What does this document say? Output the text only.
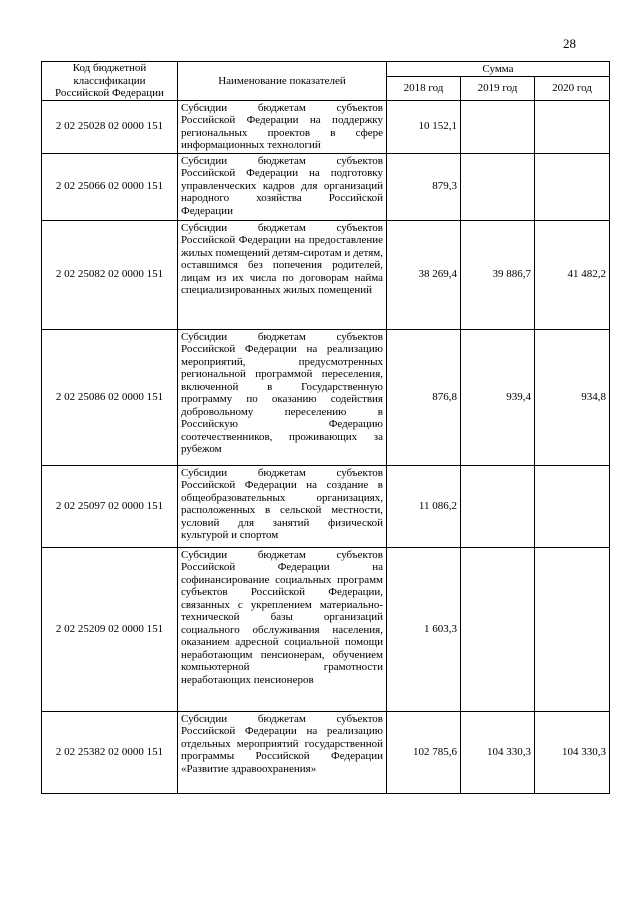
28
Код бюджетной классификации Российской Федерации	Наименование показателей	Сумма		
		2018 год	2019 год	2020 год
2 02 25028 02 0000 151	Субсидии бюджетам субъектов Российской Федерации на поддержку региональных проектов в сфере информационных технологий	10 152,1		
2 02 25066 02 0000 151	Субсидии бюджетам субъектов Российской Федерации на подготовку управленческих кадров для организаций народного хозяйства Российской Федерации	879,3		
2 02 25082 02 0000 151	Субсидии бюджетам субъектов Российской Федерации на предоставление жилых помещений детям-сиротам и детям, оставшимся без попечения родителей, лицам из их числа по договорам найма специализированных жилых помещений	38 269,4	39 886,7	41 482,2
2 02 25086 02 0000 151	Субсидии бюджетам субъектов Российской Федерации на реализацию мероприятий, предусмотренных региональной программой переселения, включенной в Государственную программу по оказанию содействия добровольному переселению в Российскую Федерацию соотечественников, проживающих за рубежом	876,8	939,4	934,8
2 02 25097 02 0000 151	Субсидии бюджетам субъектов Российской Федерации на создание в общеобразовательных организациях, расположенных в сельской местности, условий для занятий физической культурой и спортом	11 086,2		
2 02 25209 02 0000 151	Субсидии бюджетам субъектов Российской Федерации на софинансирование социальных программ субъектов Российской Федерации, связанных с укреплением материально-технической базы организаций социального обслуживания населения, оказанием адресной социальной помощи неработающим пенсионерам, обучением компьютерной грамотности неработающих пенсионеров	1 603,3		
2 02 25382 02 0000 151	Субсидии бюджетам субъектов Российской Федерации на реализацию отдельных мероприятий государственной программы Российской Федерации «Развитие здравоохранения»	102 785,6	104 330,3	104 330,3
